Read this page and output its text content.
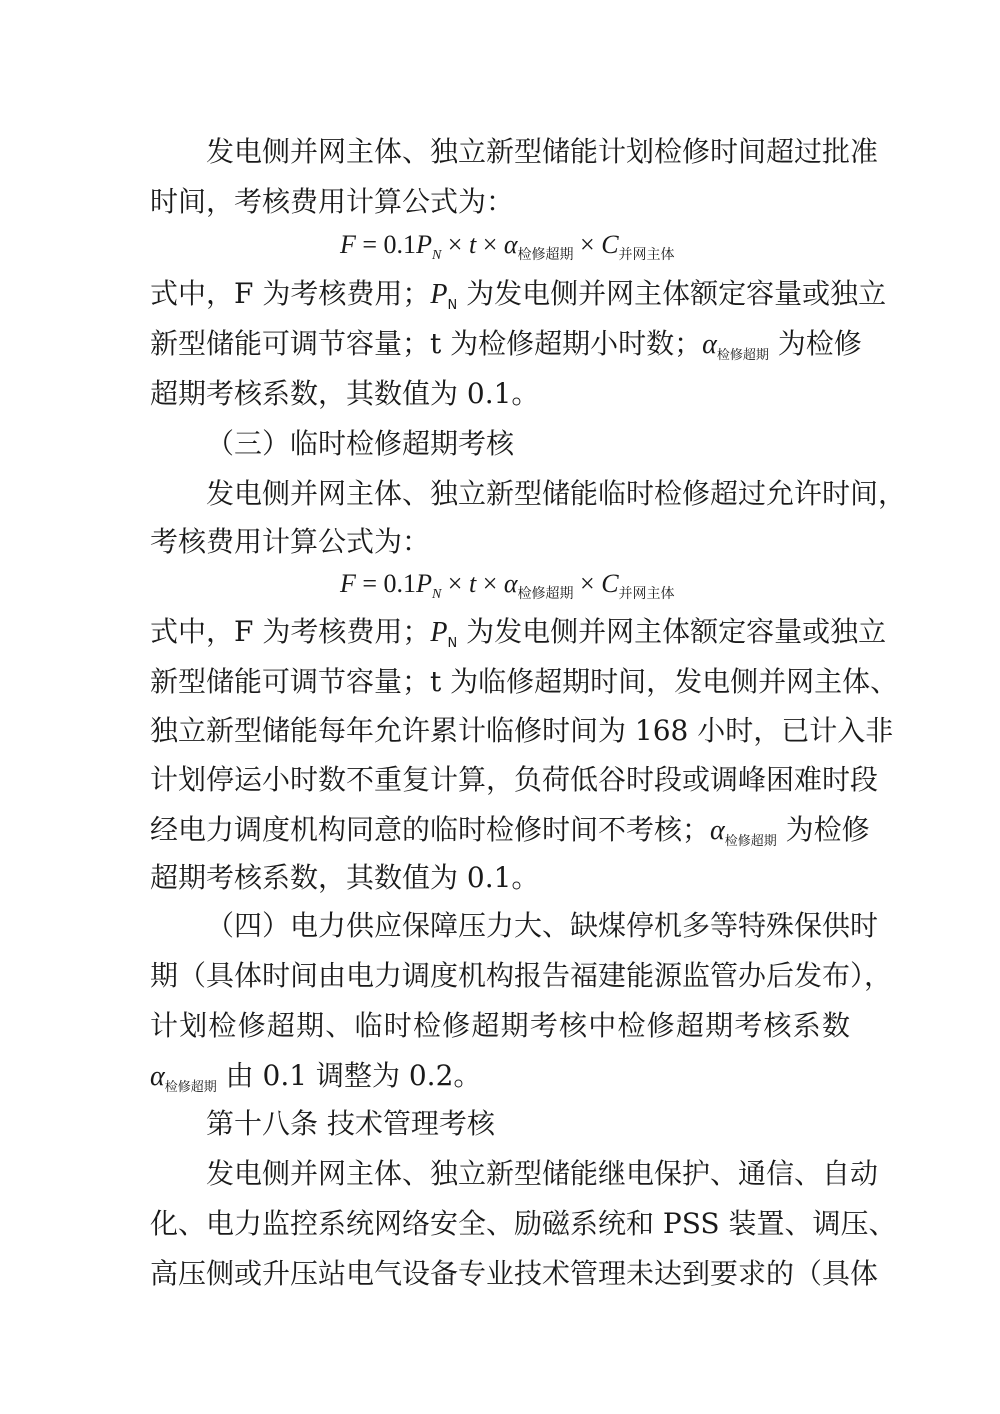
发电侧并网主体、独立新型储能计划检修时间超过批准
时间，考核费用计算公式为：
$F = 0.1P_N \times t \times \alpha_{检修超期} \times C_{并网主体}$
式中，F 为考核费用；$P_N$ 为发电侧并网主体额定容量或独立
新型储能可调节容量；t 为检修超期小时数；$\alpha_{检修超期}$ 为检修
超期考核系数，其数值为 0.1。
（三）临时检修超期考核
发电侧并网主体、独立新型储能临时检修超过允许时间，
考核费用计算公式为：
$F = 0.1P_N \times t \times \alpha_{检修超期} \times C_{并网主体}$
式中，F 为考核费用；$P_N$ 为发电侧并网主体额定容量或独立
新型储能可调节容量；t 为临修超期时间，发电侧并网主体、
独立新型储能每年允许累计临修时间为 168 小时，已计入非
计划停运小时数不重复计算，负荷低谷时段或调峰困难时段
经电力调度机构同意的临时检修时间不考核；$\alpha_{检修超期}$ 为检修
超期考核系数，其数值为 0.1。
（四）电力供应保障压力大、缺煤停机多等特殊保供时
期（具体时间由电力调度机构报告福建能源监管办后发布），
计划检修超期、临时检修超期考核中检修超期考核系数
$\alpha_{检修超期}$ 由 0.1 调整为 0.2。
第十八条 技术管理考核
发电侧并网主体、独立新型储能继电保护、通信、自动
化、电力监控系统网络安全、励磁系统和 PSS 装置、调压、
高压侧或升压站电气设备专业技术管理未达到要求的（具体
